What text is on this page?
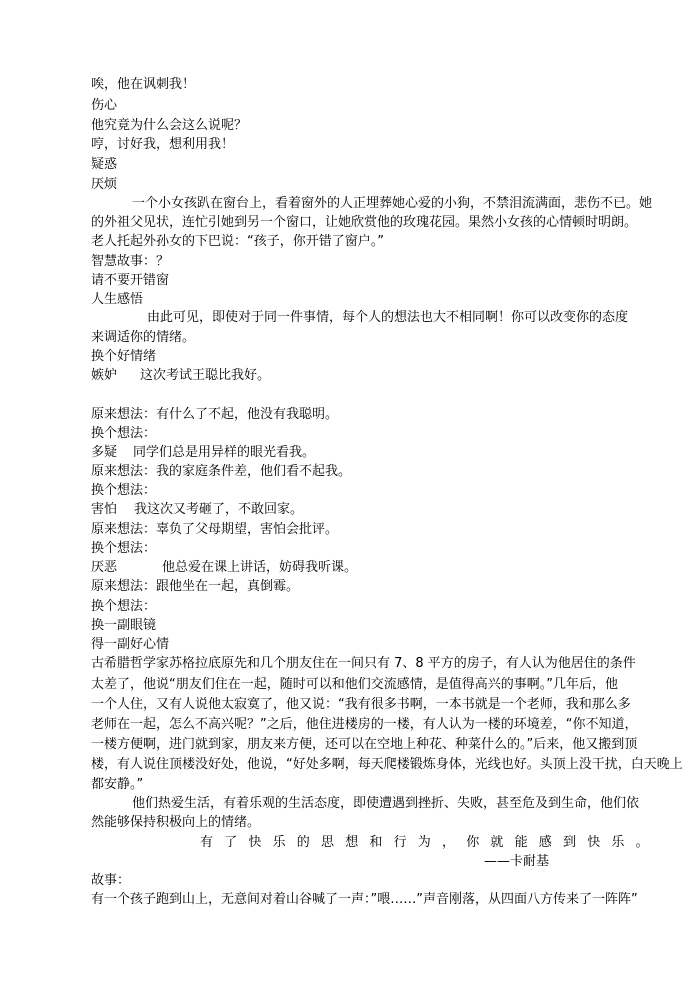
唉，他在讽刺我！
伤心
他究竟为什么会这么说呢？
哼，讨好我，想利用我！
疑惑
厌烦
一个小女孩趴在窗台上，看着窗外的人正埋葬她心爱的小狗，不禁泪流满面，悲伤不已。她
的外祖父见状，连忙引她到另一个窗口，让她欣赏他的玫瑰花园。果然小女孩的心情顿时明朗。
老人托起外孙女的下巴说：“孩子，你开错了窗户。”
智慧故事：？
请不要开错窗
人生感悟
由此可见，即使对于同一件事情，每个人的想法也大不相同啊！你可以改变你的态度
来调适你的情绪。
换个好情绪
嫉妒 这次考试王聪比我好。
原来想法：有什么了不起，他没有我聪明。
换个想法：
多疑 同学们总是用异样的眼光看我。
原来想法：我的家庭条件差，他们看不起我。
换个想法：
害怕 我这次又考砸了，不敢回家。
原来想法：辜负了父母期望，害怕会批评。
换个想法：
厌恶	他总爱在课上讲话，妨碍我听课。
原来想法：跟他坐在一起，真倒霉。
换个想法：
换一副眼镜
得一副好心情
古希腊哲学家苏格拉底原先和几个朋友住在一间只有 7、8 平方的房子，有人认为他居住的条件
太差了，他说“朋友们住在一起，随时可以和他们交流感情，是值得高兴的事啊。”几年后，他
一个人住，又有人说他太寂寞了，他又说：“我有很多书啊，一本书就是一个老师，我和那么多
老师在一起，怎么不高兴呢？”之后，他住进楼房的一楼，有人认为一楼的环境差，“你不知道，
一楼方便啊，进门就到家，朋友来方便，还可以在空地上种花、种菜什么的。”后来，他又搬到顶
楼，有人说住顶楼没好处，他说，“好处多啊，每天爬楼锻炼身体，光线也好。头顶上没干扰，白天晚上
都安静。”
他们热爱生活，有着乐观的生活态度，即使遭遇到挫折、失败，甚至危及到生命，他们依
然能够保持积极向上的情绪。
有了快乐的思想和行为，你就能感到快乐。
——卡耐基
故事：
有一个孩子跑到山上，无意间对着山谷喊了一声：”喂……”声音刚落，从四面八方传来了一阵阵”
